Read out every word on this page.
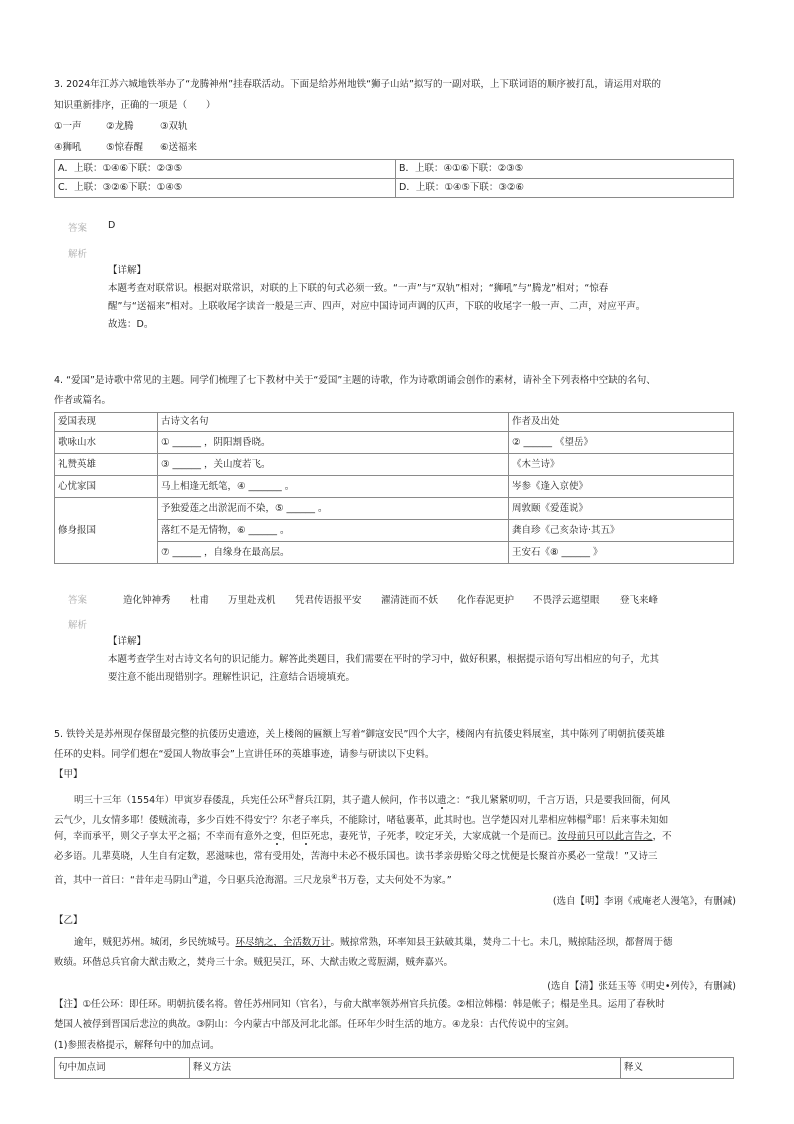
3. 2024年江苏六城地铁举办了“龙腾神州”挂春联活动。下面是给苏州地铁“狮子山站”拟写的一副对联，上下联词语的顺序被打乱，请运用对联的
知识重新排序，正确的一项是（　　）
①一声	②龙腾	③双轨
④狮吼	⑤惊春醒 ⑥送福来
A．上联：①④⑥下联：②③⑤	B．上联：④①⑥下联：②③⑤
C．上联：③②⑥下联：①④⑤	D．上联：①④⑤下联：③②⑥
答案 D
解析
【详解】
本题考查对联常识。根据对联常识，对联的上下联的句式必须一致。“一声”与“双轨”相对；“狮吼”与“腾龙”相对；“惊春
醒”与“送福来”相对。上联收尾字读音一般是三声、四声，对应中国诗词声调的仄声，下联的收尾字一般一声、二声，对应平声。
故选：D。
4. “爱国”是诗歌中常见的主题。同学们梳理了七下教材中关于“爱国”主题的诗歌，作为诗歌朗诵会创作的素材，请补全下列表格中空缺的名句、
作者或篇名。
爱国表现	古诗文名句	作者及出处
歌咏山水	① ______ ，阴阳割昏晓。	② ______ 《望岳》
礼赞英雄	③ ______ ，关山度若飞。	《木兰诗》
心忧家国	马上相逢无纸笔，④ _______ 。	岑参《逢入京使》
修身报国	予独爱莲之出淤泥而不染，⑤ ______ 。	周敦颐《爱莲说》
	落红不是无情物，⑥ ______ 。	龚自珍《己亥杂诗·其五》
	⑦ ______ ，自缘身在最高层。	王安石《⑧ ______ 》
答案	造化钟神秀 杜甫 万里赴戎机 凭君传语报平安 濯清涟而不妖 化作春泥更护 不畏浮云遮望眼 登飞来峰
解析
【详解】
本题考查学生对古诗文名句的识记能力。解答此类题目，我们需要在平时的学习中，做好积累，根据提示语句写出相应的句子，尤其
要注意不能出现错别字。理解性识记，注意结合语境填充。
5. 铁铃关是苏州现存保留最完整的抗倭历史遗迹，关上楼阁的匾额上写着“御寇安民”四个大字，楼阁内有抗倭史料展室，其中陈列了明朝抗倭英雄
任环的史料。同学们想在“爱国人物故事会”上宣讲任环的英雄事迹，请参与研读以下史料。
【甲】
明三十三年（1554年）甲寅岁春倭乱，兵宪任公环①督兵江阴，其子遣人候问，作书以遗之：“我儿紧紧叨叨，千言万语，只是要我回衙，何风
云气少，儿女情多耶！倭贼流毒，多少百姓不得安宁？尔老子率兵，不能除讨，啫毡裹革，此其时也。岂学楚囚对儿辈相应韩榻②耶！后来事未知如
何，幸而承平，则父子享太平之福；不幸而有意外之变，但臣死忠，妻死节，子死孝，咬定牙关，大家成就一个是而已。汝母前只可以此言告之，不
必多语。儿辈莫晓，人生自有定数，恶滋味也，常有受用处，苦海中未必不极乐国也。读书孝亲毋贻父母之忧便是长聚首亦奚必一堂哉！”又诗三
首，其中一首曰：“昔年走马阴山③道，今日驱兵沧海湄。三尺龙泉④书万卷，丈夫何处不为家。”
(选自【明】李诩《戒庵老人漫笔》，有删减)
【乙】
逾年，贼犯苏州。城闭，乡民统城号。环尽纳之，全活数万计。贼掠常熟，环率知县王鈇破其巢，焚舟二十七。未几，贼掠陆泾坝，都督周于德
败绩。环偕总兵官俞大猷击败之，焚舟三十余。贼犯吴江，环、大猷击败之莺脰湖，贼奔嘉兴。
(选自【清】张廷玉等《明史•列传》，有删减)
【注】①任公环：即任环。明朝抗倭名将。曾任苏州同知（官名），与俞大猷率领苏州官兵抗倭。②相泣韩榻：韩是帐子；榻是坐具。运用了春秋时
楚国人被俘到晋国后悲泣的典故。③阴山：今内蒙古中部及河北北部。任环年少时生活的地方。④龙泉：古代传说中的宝剑。
(1)参照表格提示，解释句中的加点词。
句中加点词	释义方法	释义
